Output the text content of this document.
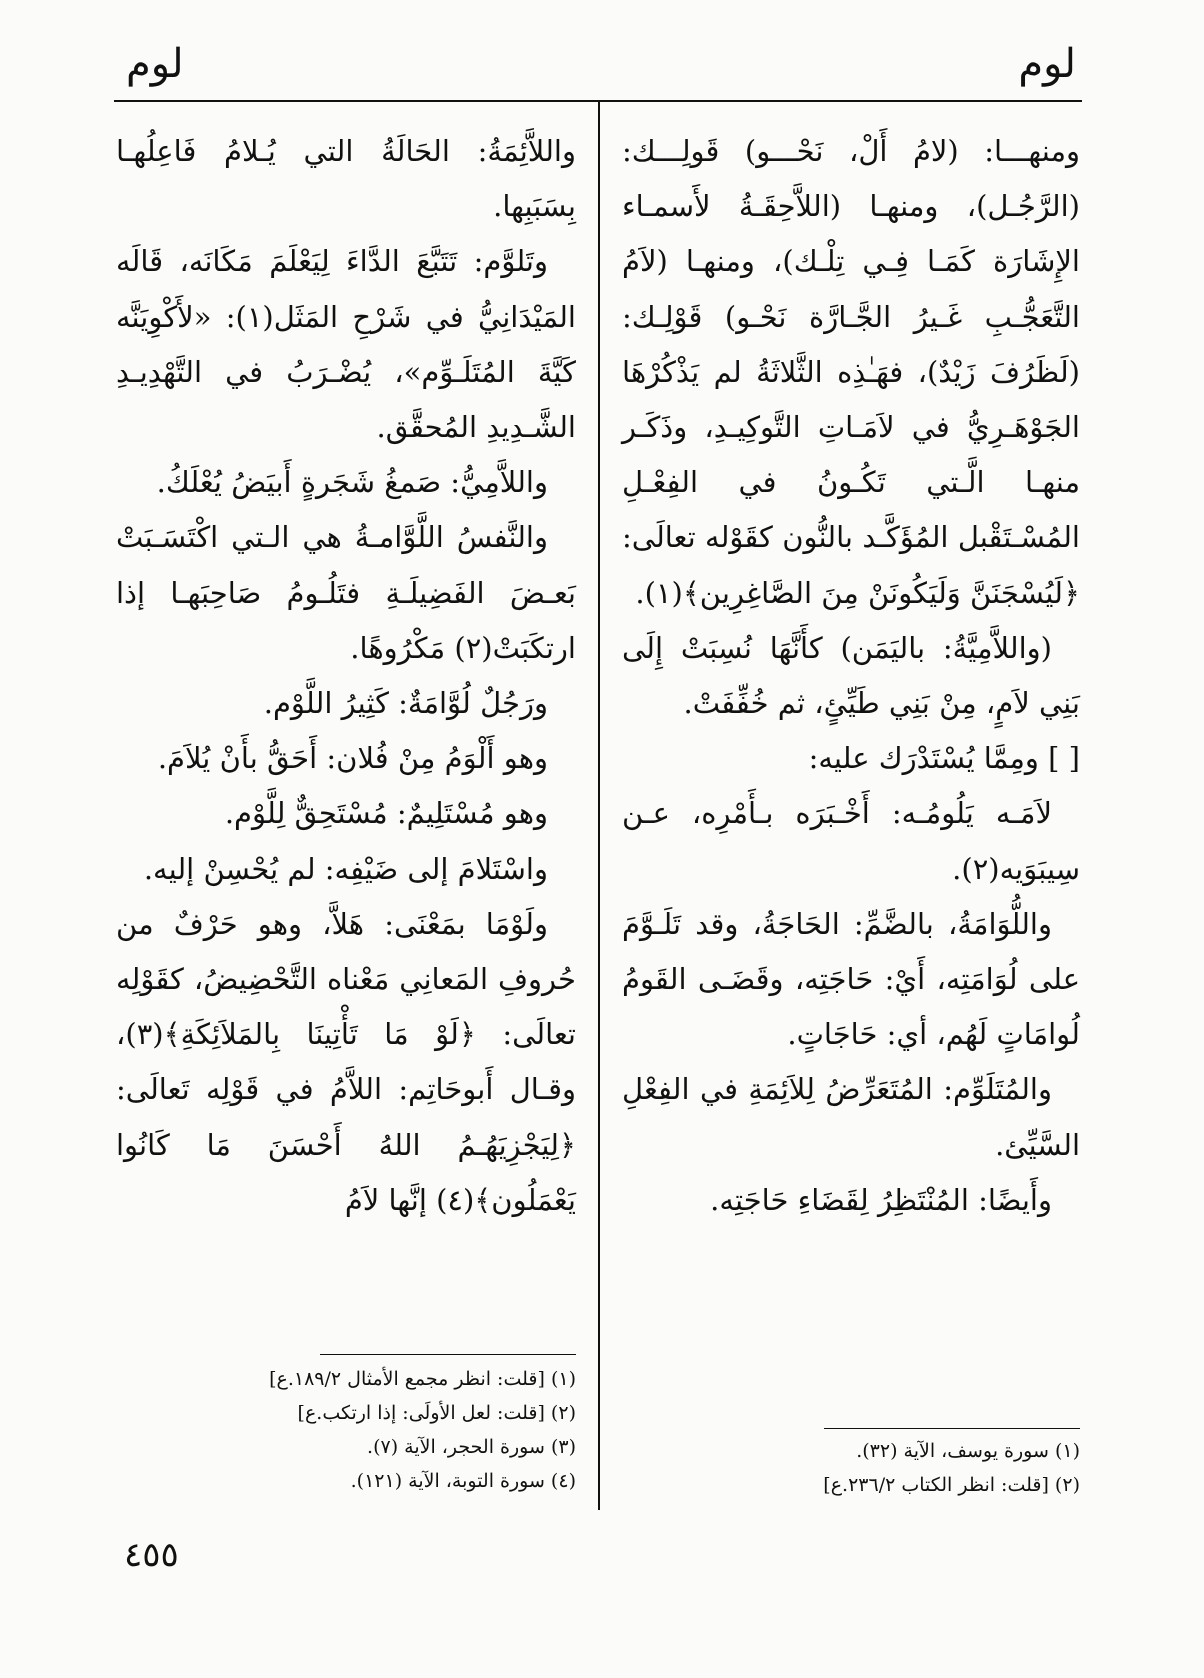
لوم
لوم

ومنهـــا: (لامُ أَلْ، نَحْـــو) قَولِـــك: (الرَّجُـل)، ومنهـا (اللاَّحِقَـةُ لأَسمـاء الإِشَارَة كَمَـا فِـي تِلْـك)، ومنهـا (لاَمُ التَّعَجُّـبِ غَـيرُ الجَّـارَّة نَحْـو) قَوْلِـك: (لَظَرُفَ زَيْدٌ)، فهَـٰذِه الثَّلاثَةُ لم يَذْكُرْهَا الجَوْهَـرِيُّ في لاَمَـاتِ التَّوكِيـدِ، وذَكَـر منهـا الَّـتي تَكُـونُ في الفِعْـلِ المُسْـتَقْبل المُؤَكَّـد بالنُّون كقَوْله تعالَى: ﴿لَيُسْجَنَنَّ وَلَيَكُونَنْ مِنَ الصَّاغِرِين﴾(١).

(واللاَّمِيَّةُ: باليَمَن) كأَنَّهَا نُسِبَتْ إِلَى بَنِي لاَمٍ، مِنْ بَنِي طَيِّئٍ، ثم خُفِّفَتْ.

[ ] ومِمَّا يُسْتَدْرَك عليه:

لاَمَـه يَلُومُـه: أَخْـبَرَه بـأَمْرِه، عـن سِيبَوَيه(٢).

واللُّوَامَةُ، بالضَّمِّ: الحَاجَةُ، وقد تَلَـوَّمَ على لُوَامَتِه، أَيْ: حَاجَتِه، وقَضَـى القَومُ لُوامَاتٍ لَهُم، أي: حَاجَاتٍ.

والمُتَلَوِّم: المُتَعَرِّضُ لِلاَئِمَةِ في الفِعْلِ السَّيِّئ.

وأَيضًا: المُنْتَظِرُ لِقَضَاءِ حَاجَتِه.

واللاَّئِمَةُ: الحَالَةُ التي يُـلامُ فَاعِلُهـا بِسَبَبِها.

وتَلوَّم: تَتَبَّعَ الدَّاءَ لِيَعْلَمَ مَكَانَه، قَالَه المَيْدَانِيُّ في شَرْحِ المَثَل(١): «لأَكْوِيَنَّه كَيَّةَ المُتَلَـوِّم»، يُضْـرَبُ في التَّهْدِيـدِ الشَّـدِيدِ المُحقَّق.

واللاَّمِيُّ: صَمغُ شَجَرةٍ أَبيَضُ يُعْلَكُ.

والنَّفسُ اللَّوَّامـةُ هي الـتي اكْتَسَـبَتْ بَعـضَ الفَضِيلَـةِ فتَلُـومُ صَاحِبَهـا إذا ارتكَبَتْ(٢) مَكْرُوهًا.

ورَجُلٌ لُوَّامَةٌ: كَثِيرُ اللَّوْم.

وهو أَلْوَمُ مِنْ فُلان: أَحَقُّ بأَنْ يُلاَمَ.

وهو مُسْتَلِيمٌ: مُسْتَحِقٌّ لِلَّوْم.

واسْتَلامَ إلى ضَيْفِه: لم يُحْسِنْ إليه.

ولَوْمَا بمَعْنَى: هَلاَّ، وهو حَرْفٌ من حُروفِ المَعانِي مَعْناه التَّحْضِيضُ، كقَوْلِه تعالَى: ﴿لَوْ مَا تَأْتِينَا بِالمَلاَئِكَةِ﴾(٣)، وقـال أَبوحَاتِم: اللاَّمُ في قَوْلِه تَعالَى: ﴿لِيَجْزِيَهُـمُ اللهُ أَحْسَنَ مَا كَانُوا يَعْمَلُون﴾(٤) إنَّها لاَمُ

(١) [قلت: انظر مجمع الأمثال ١٨٩/٢.ع]
(٢) [قلت: لعل الأولَى: إذا ارتكب.ع]
(٣) سورة الحجر، الآية (٧).
(٤) سورة التوبة، الآية (١٢١).
(١) سورة يوسف، الآية (٣٢).
(٢) [قلت: انظر الكتاب ٢٣٦/٢.ع]
٤٥٥
